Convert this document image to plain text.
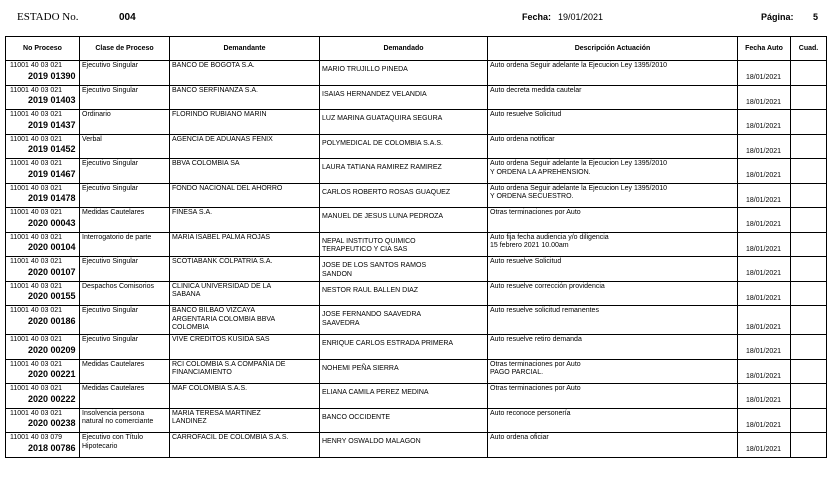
ESTADO No.	004	Fecha: 19/01/2021	Página: 5
No Proceso	Clase de Proceso	Demandante	Demandado	Descripción Actuación	Fecha Auto	Cuad.

11001 40 03 021
2019 01390	Ejecutivo Singular	BANCO DE BOGOTA S.A.	MARIO TRUJILLO PINEDA	Auto ordena Seguir adelante la Ejecucion Ley 1395/2010	18/01/2021	

11001 40 03 021
2019 01403	Ejecutivo Singular	BANCO SERFINANZA S.A.	ISAIAS HERNANDEZ VELANDIA	Auto decreta medida cautelar	18/01/2021	

11001 40 03 021
2019 01437	Ordinario	FLORINDO RUBIANO MARIN	LUZ MARINA GUATAQUIRA SEGURA	Auto resuelve Solicitud	18/01/2021	

11001 40 03 021
2019 01452	Verbal	AGENCIA DE ADUANAS FENIX	POLYMEDICAL DE COLOMBIA S.A.S.	Auto ordena notificar	18/01/2021	

11001 40 03 021
2019 01467	Ejecutivo Singular	BBVA COLOMBIA SA	LAURA TATIANA RAMIREZ RAMIREZ	Auto ordena Seguir adelante la Ejecucion Ley 1395/2010
Y ORDENA LA APREHENSION.	18/01/2021	

11001 40 03 021
2019 01478	Ejecutivo Singular	FONDO NACIONAL DEL AHORRO	CARLOS ROBERTO ROSAS GUAQUEZ	Auto ordena Seguir adelante la Ejecucion Ley 1395/2010
Y ORDENA SECUESTRO.	18/01/2021	

11001 40 03 021
2020 00043	Medidas Cautelares	FINESA S.A.	MANUEL DE JESUS LUNA PEDROZA	Otras terminaciones por Auto	18/01/2021	

11001 40 03 021
2020 00104	Interrogatorio de parte	MARIA ISABEL PALMA ROJAS	NEPAL INSTITUTO QUIMICO
TERAPEUTICO Y CIA SAS	Auto fija fecha audiencia y/o diligencia
15 febrero 2021 10.00am	18/01/2021	

11001 40 03 021
2020 00107	Ejecutivo Singular	SCOTIABANK COLPATRIA S.A.	JOSE DE LOS SANTOS RAMOS
SANDON	Auto resuelve Solicitud	18/01/2021	

11001 40 03 021
2020 00155	Despachos Comisorios	CLINICA UNIVERSIDAD DE LA
SABANA	NESTOR RAUL BALLEN DIAZ	Auto resuelve corrección providencia	18/01/2021	

11001 40 03 021
2020 00186	Ejecutivo Singular	BANCO BILBAO VIZCAYA
ARGENTARIA COLOMBIA BBVA
COLOMBIA	JOSE FERNANDO SAAVEDRA
SAAVEDRA	Auto resuelve solicitud remanentes	18/01/2021	

11001 40 03 021
2020 00209	Ejecutivo Singular	VIVE CREDITOS KUSIDA SAS	ENRIQUE CARLOS ESTRADA PRIMERA	Auto resuelve retiro demanda	18/01/2021	

11001 40 03 021
2020 00221	Medidas Cautelares	RCI COLOMBIA S.A COMPAÑIA DE
FINANCIAMIENTO	NOHEMI PEÑA SIERRA	Otras terminaciones por Auto
PAGO PARCIAL.	18/01/2021	

11001 40 03 021
2020 00222	Medidas Cautelares	MAF COLOMBIA S.A.S.	ELIANA CAMILA PEREZ MEDINA	Otras terminaciones por Auto	18/01/2021	

11001 40 03 021
2020 00238	Insolvencia persona
natural no comerciante	MARIA TERESA MARTINEZ
LANDINEZ	BANCO OCCIDENTE	Auto reconoce personería	18/01/2021	

11001 40 03 079
2018 00786	Ejecutivo con Título
Hipotecario	CARROFACIL DE COLOMBIA S.A.S.	HENRY OSWALDO MALAGON	Auto ordena oficiar	18/01/2021	
